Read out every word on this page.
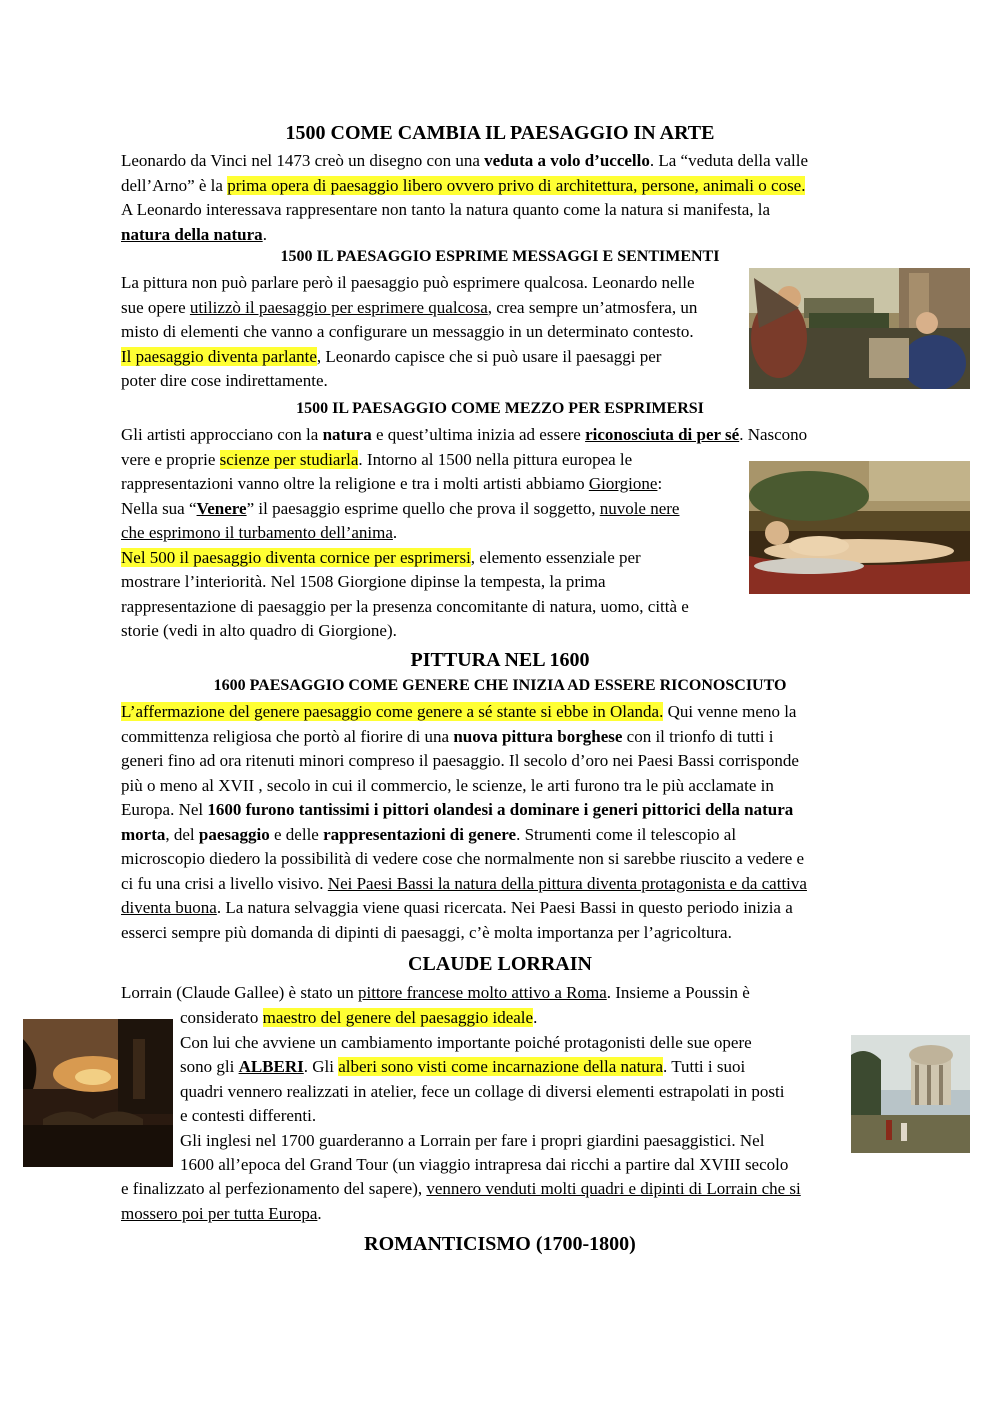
1500 COME CAMBIA IL PAESAGGIO IN ARTE
Leonardo da Vinci nel 1473 creò un disegno con una veduta a volo d’uccello. La “veduta della valle
dell’Arno” è la prima opera di paesaggio libero ovvero privo di architettura, persone, animali o cose.
A Leonardo interessava rappresentare non tanto la natura quanto come la natura si manifesta, la
natura della natura.
1500 IL PAESAGGIO ESPRIME MESSAGGI E SENTIMENTI
La pittura non può parlare però il paesaggio può esprimere qualcosa. Leonardo nelle
sue opere utilizzò il paesaggio per esprimere qualcosa, crea sempre un’atmosfera, un
misto di elementi che vanno a configurare un messaggio in un determinato contesto.
Il paesaggio diventa parlante, Leonardo capisce che si può usare il paesaggi per
poter dire cose indirettamente.
1500 IL PAESAGGIO COME MEZZO PER ESPRIMERSI
Gli artisti approcciano con la natura e quest’ultima inizia ad essere riconosciuta di per sé. Nascono
vere e proprie scienze per studiarla. Intorno al 1500 nella pittura europea le
rappresentazioni vanno oltre la religione e tra i molti artisti abbiamo Giorgione:
Nella sua “Venere” il paesaggio esprime quello che prova il soggetto, nuvole nere
che esprimono il turbamento dell’anima.
Nel 500 il paesaggio diventa cornice per esprimersi, elemento essenziale per
mostrare l’interiorità. Nel 1508 Giorgione dipinse la tempesta, la prima
rappresentazione di paesaggio per la presenza concomitante di natura, uomo, città e
storie (vedi in alto quadro di Giorgione).
PITTURA NEL 1600
1600 PAESAGGIO COME GENERE CHE INIZIA AD ESSERE RICONOSCIUTO
L’affermazione del genere paesaggio come genere a sé stante si ebbe in Olanda. Qui venne meno la
committenza religiosa che portò al fiorire di una nuova pittura borghese con il trionfo di tutti i
generi fino ad ora ritenuti minori compreso il paesaggio. Il secolo d’oro nei Paesi Bassi corrisponde
più o meno al XVII , secolo in cui il commercio, le scienze, le arti furono tra le più acclamate in
Europa. Nel 1600 furono tantissimi i pittori olandesi a dominare i generi pittorici della natura
morta, del paesaggio e delle rappresentazioni di genere. Strumenti come il telescopio al
microscopio diedero la possibilità di vedere cose che normalmente non si sarebbe riuscito a vedere e
ci fu una crisi a livello visivo. Nei Paesi Bassi la natura della pittura diventa protagonista e da cattiva
diventa buona. La natura selvaggia viene quasi ricercata. Nei Paesi Bassi in questo periodo inizia a
esserci sempre più domanda di dipinti di paesaggi, c’è molta importanza per l’agricoltura.
CLAUDE LORRAIN
Lorrain (Claude Gallee) è stato un pittore francese molto attivo a Roma. Insieme a Poussin è
considerato maestro del genere del paesaggio ideale.
Con lui che avviene un cambiamento importante poiché protagonisti delle sue opere
sono gli ALBERI. Gli alberi sono visti come incarnazione della natura. Tutti i suoi
quadri vennero realizzati in atelier, fece un collage di diversi elementi estrapolati in posti
e contesti differenti.
Gli inglesi nel 1700 guarderanno a Lorrain per fare i propri giardini paesaggistici. Nel
1600 all’epoca del Grand Tour (un viaggio intrapresa dai ricchi a partire dal XVIII secolo
e finalizzato al perfezionamento del sapere), vennero venduti molti quadri e dipinti di Lorrain che si
mossero poi per tutta Europa.
ROMANTICISMO (1700-1800)
